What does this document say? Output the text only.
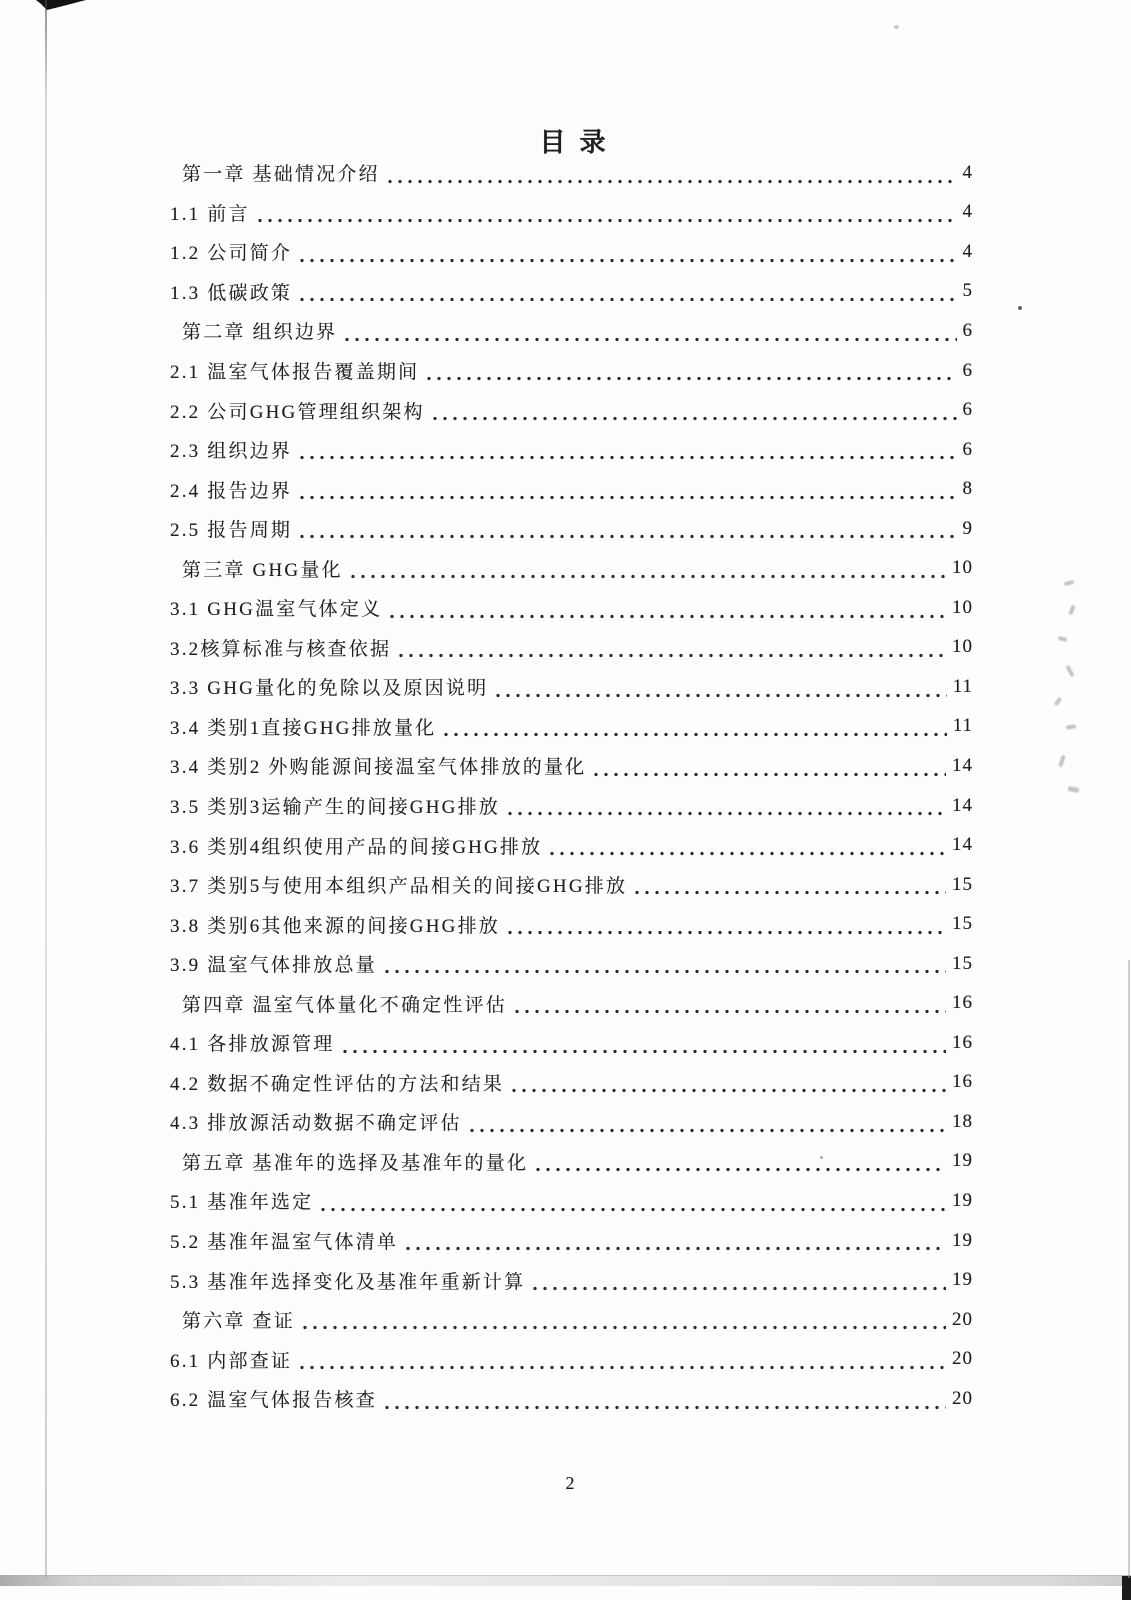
目录
第一章 基础情况介绍	4
1.1 前言	4
1.2 公司简介	4
1.3 低碳政策	5
第二章 组织边界	6
2.1 温室气体报告覆盖期间	6
2.2 公司GHG管理组织架构	6
2.3 组织边界	6
2.4 报告边界	8
2.5 报告周期	9
第三章 GHG量化	10
3.1 GHG温室气体定义	10
3.2核算标准与核查依据	10
3.3 GHG量化的免除以及原因说明	11
3.4 类别1直接GHG排放量化	11
3.4 类别2 外购能源间接温室气体排放的量化	14
3.5 类别3运输产生的间接GHG排放	14
3.6 类别4组织使用产品的间接GHG排放	14
3.7 类别5与使用本组织产品相关的间接GHG排放	15
3.8 类别6其他来源的间接GHG排放	15
3.9 温室气体排放总量	15
第四章 温室气体量化不确定性评估	16
4.1 各排放源管理	16
4.2 数据不确定性评估的方法和结果	16
4.3 排放源活动数据不确定评估	18
第五章 基准年的选择及基准年的量化	19
5.1 基准年选定	19
5.2 基准年温室气体清单	19
5.3 基准年选择变化及基准年重新计算	19
第六章 查证	20
6.1 内部查证	20
6.2 温室气体报告核查	20
2
